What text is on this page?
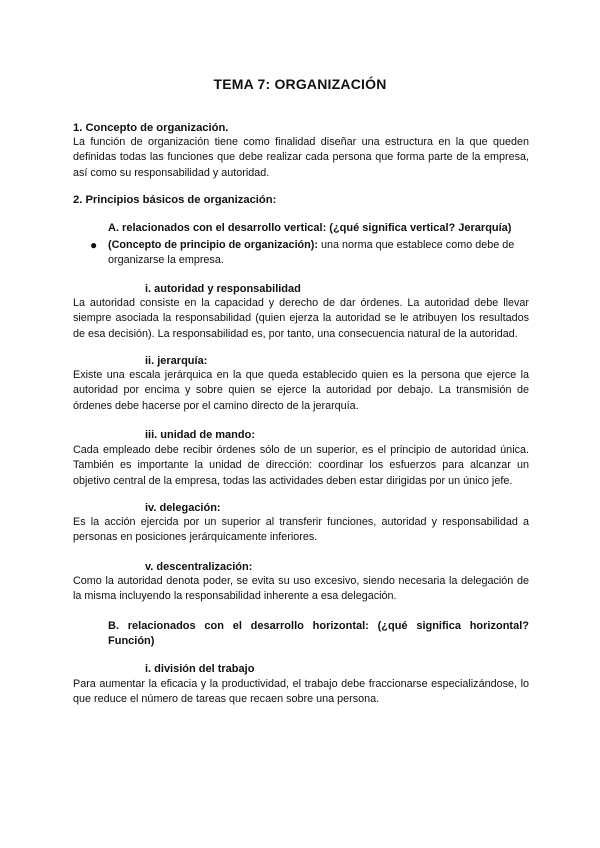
TEMA 7: ORGANIZACIÓN
1. Concepto de organización.

La función de organización tiene como finalidad diseñar una estructura en la que queden definidas todas las funciones que debe realizar cada persona que forma parte de la empresa, así como su responsabilidad y autoridad.

2. Principios básicos de organización:
A. relacionados con el desarrollo vertical: (¿qué significa vertical? Jerarquía)
● (Concepto de principio de organización): una norma que establece como debe de organizarse la empresa.
i. autoridad y responsabilidad

La autoridad consiste en la capacidad y derecho de dar órdenes. La autoridad debe llevar siempre asociada la responsabilidad (quien ejerza la autoridad se le atribuyen los resultados de esa decisión). La responsabilidad es, por tanto, una consecuencia natural de la autoridad.

ii. jerarquía:

Existe una escala jerárquica en la que queda establecido quien es la persona que ejerce la autoridad por encima y sobre quien se ejerce la autoridad por debajo. La transmisión de órdenes debe hacerse por el camino directo de la jerarquía.

iii. unidad de mando:

Cada empleado debe recibir órdenes sólo de un superior, es el principio de autoridad única. También es importante la unidad de dirección: coordinar los esfuerzos para alcanzar un objetivo central de la empresa, todas las actividades deben estar dirigidas por un único jefe.

iv. delegación:

Es la acción ejercida por un superior al transferir funciones, autoridad y responsabilidad a personas en posiciones jerárquicamente inferiores.

v. descentralización:

Como la autoridad denota poder, se evita su uso excesivo, siendo necesaria la delegación de la misma incluyendo la responsabilidad inherente a esa delegación.

B. relacionados con el desarrollo horizontal: (¿qué significa horizontal? Función)
i. división del trabajo

Para aumentar la eficacia y la productividad, el trabajo debe fraccionarse especializándose, lo que reduce el número de tareas que recaen sobre una persona.
